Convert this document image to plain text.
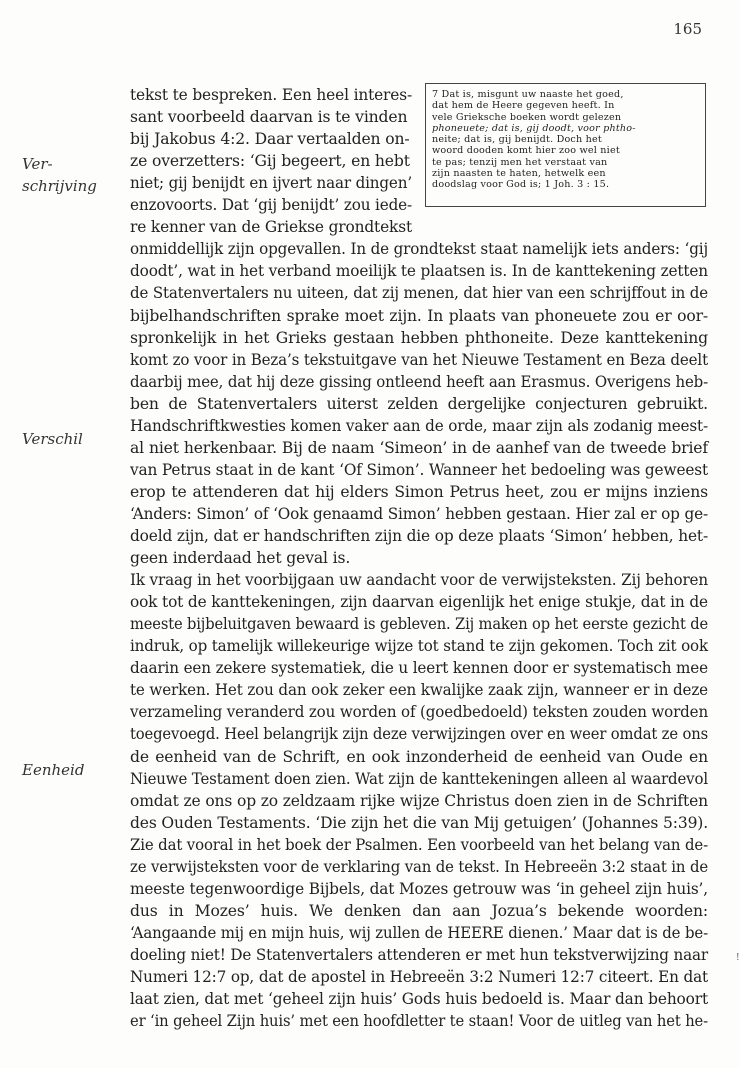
165
Ver-
schrijving
Verschil
Eenheid
7 Dat is, misgunt uw naaste het goed,
dat hem de Heere gegeven heeft. In
vele Grieksche boeken wordt gelezen
phoneuete; dat is, gij doodt, voor phtho-
neite; dat is, gij benijdt. Doch het
woord dooden komt hier zoo wel niet
te pas; tenzij men het verstaat van
zijn naasten te haten, hetwelk een
doodslag voor God is; 1 Joh. 3 : 15.
tekst te bespreken. Een heel interes-
sant voorbeeld daarvan is te vinden
bij Jakobus 4:2. Daar vertaalden on-
ze overzetters: ‘Gij begeert, en hebt
niet; gij benijdt en ijvert naar dingen’
enzovoorts. Dat ‘gij benijdt’ zou iede-
re kenner van de Griekse grondtekst
onmiddellijk zijn opgevallen. In de grondtekst staat namelijk iets anders: ‘gij
doodt’, wat in het verband moeilijk te plaatsen is. In de kanttekening zetten
de Statenvertalers nu uiteen, dat zij menen, dat hier van een schrijffout in de
bijbelhandschriften sprake moet zijn. In plaats van phoneuete zou er oor-
spronkelijk in het Grieks gestaan hebben phthoneite. Deze kanttekening
komt zo voor in Beza’s tekstuitgave van het Nieuwe Testament en Beza deelt
daarbij mee, dat hij deze gissing ontleend heeft aan Erasmus. Overigens heb-
ben de Statenvertalers uiterst zelden dergelijke conjecturen gebruikt.
Handschriftkwesties komen vaker aan de orde, maar zijn als zodanig meest-
al niet herkenbaar. Bij de naam ‘Simeon’ in de aanhef van de tweede brief
van Petrus staat in de kant ‘Of Simon’. Wanneer het bedoeling was geweest
erop te attenderen dat hij elders Simon Petrus heet, zou er mijns inziens
‘Anders: Simon’ of ‘Ook genaamd Simon’ hebben gestaan. Hier zal er op ge-
doeld zijn, dat er handschriften zijn die op deze plaats ‘Simon’ hebben, het-
geen inderdaad het geval is.
Ik vraag in het voorbijgaan uw aandacht voor de verwijsteksten. Zij behoren
ook tot de kanttekeningen, zijn daarvan eigenlijk het enige stukje, dat in de
meeste bijbeluitgaven bewaard is gebleven. Zij maken op het eerste gezicht de
indruk, op tamelijk willekeurige wijze tot stand te zijn gekomen. Toch zit ook
daarin een zekere systematiek, die u leert kennen door er systematisch mee
te werken. Het zou dan ook zeker een kwalijke zaak zijn, wanneer er in deze
verzameling veranderd zou worden of (goedbedoeld) teksten zouden worden
toegevoegd. Heel belangrijk zijn deze verwijzingen over en weer omdat ze ons
de eenheid van de Schrift, en ook inzonderheid de eenheid van Oude en
Nieuwe Testament doen zien. Wat zijn de kanttekeningen alleen al waardevol
omdat ze ons op zo zeldzaam rijke wijze Christus doen zien in de Schriften
des Ouden Testaments. ‘Die zijn het die van Mij getuigen’ (Johannes 5:39).
Zie dat vooral in het boek der Psalmen. Een voorbeeld van het belang van de-
ze verwijsteksten voor de verklaring van de tekst. In Hebreeën 3:2 staat in de
meeste tegenwoordige Bijbels, dat Mozes getrouw was ‘in geheel zijn huis’,
dus in Mozes’ huis. We denken dan aan Jozua’s bekende woorden:
‘Aangaande mij en mijn huis, wij zullen de HEERE dienen.’ Maar dat is de be-
doeling niet! De Statenvertalers attenderen er met hun tekstverwijzing naar
Numeri 12:7 op, dat de apostel in Hebreeën 3:2 Numeri 12:7 citeert. En dat
laat zien, dat met ‘geheel zijn huis’ Gods huis bedoeld is. Maar dan behoort
er ‘in geheel Zijn huis’ met een hoofdletter te staan! Voor de uitleg van het he-
!
